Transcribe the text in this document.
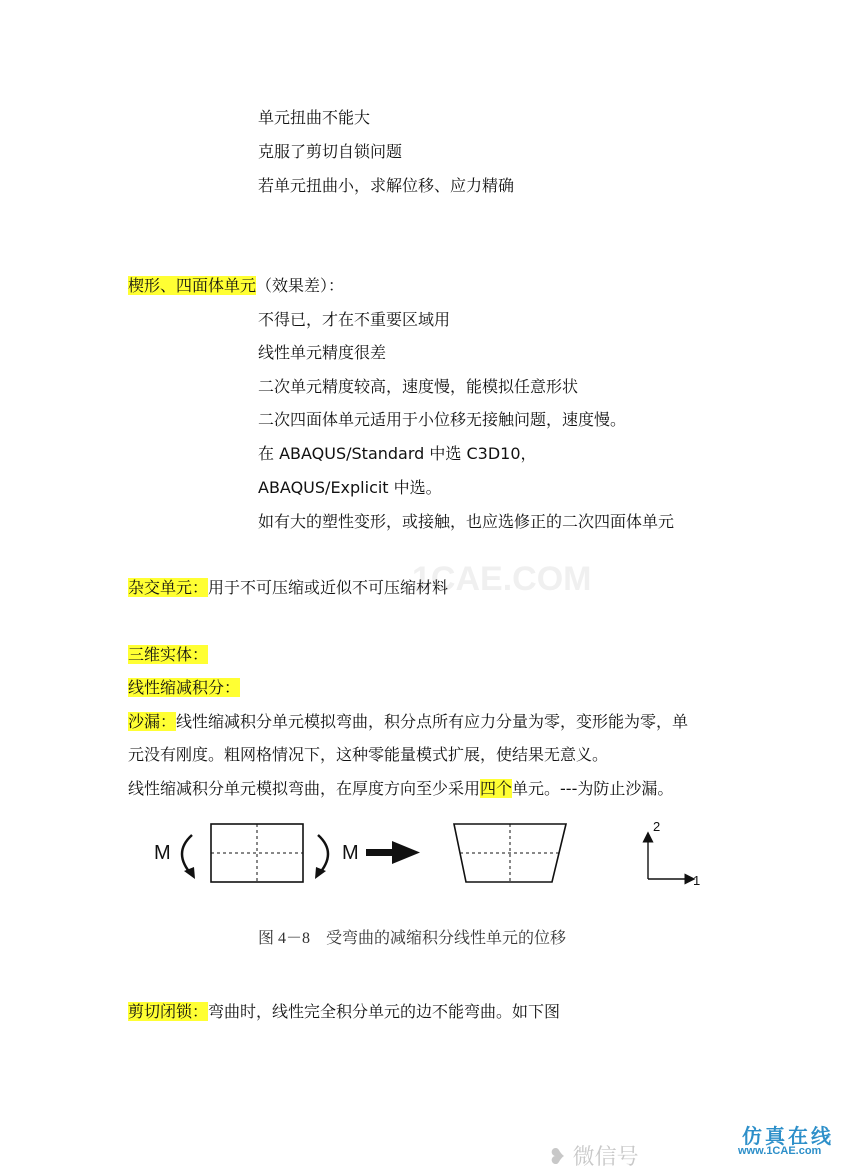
单元扭曲不能大
克服了剪切自锁问题
若单元扭曲小，求解位移、应力精确
楔形、四面体单元（效果差）：
不得已，才在不重要区域用
线性单元精度很差
二次单元精度较高，速度慢，能模拟任意形状
二次四面体单元适用于小位移无接触问题，速度慢。
在 ABAQUS/Standard 中选 C3D10，
ABAQUS/Explicit 中选。
如有大的塑性变形，或接触，也应选修正的二次四面体单元
1CAE.COM
杂交单元：用于不可压缩或近似不可压缩材料
三维实体：
线性缩减积分：
沙漏：线性缩减积分单元模拟弯曲，积分点所有应力分量为零，变形能为零，单
元没有刚度。粗网格情况下，这种零能量模式扩展，使结果无意义。
线性缩减积分单元模拟弯曲，在厚度方向至少采用四个单元。---为防止沙漏。
M	M
2
1
图 4－8　受弯曲的减缩积分线性单元的位移
剪切闭锁：弯曲时，线性完全积分单元的边不能弯曲。如下图
❥ 微信号
仿真在线
www.1CAE.com
